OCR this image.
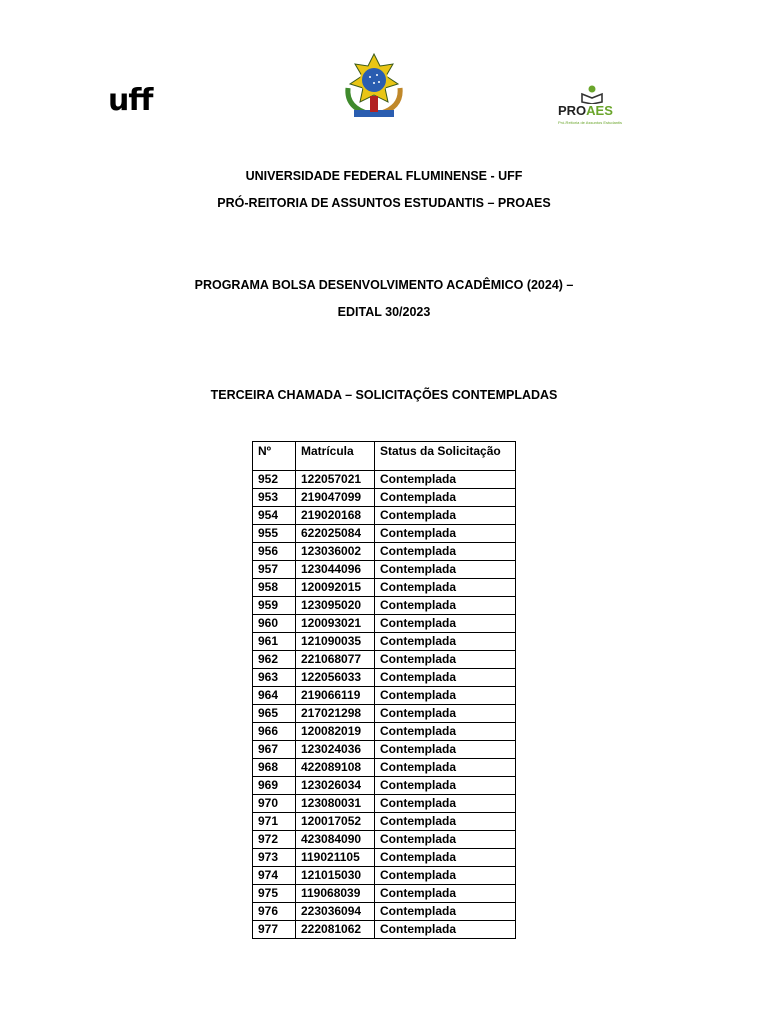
uff	PROAES
Pró-Reitoria de Assuntos Estudantis
UNIVERSIDADE FEDERAL FLUMINENSE - UFF
PRÓ-REITORIA DE ASSUNTOS ESTUDANTIS – PROAES
PROGRAMA BOLSA DESENVOLVIMENTO ACADÊMICO (2024) –
EDITAL 30/2023
TERCEIRA CHAMADA – SOLICITAÇÕES CONTEMPLADAS
Nº	Matrícula	Status da Solicitação
952	122057021	Contemplada
953	219047099	Contemplada
954	219020168	Contemplada
955	622025084	Contemplada
956	123036002	Contemplada
957	123044096	Contemplada
958	120092015	Contemplada
959	123095020	Contemplada
960	120093021	Contemplada
961	121090035	Contemplada
962	221068077	Contemplada
963	122056033	Contemplada
964	219066119	Contemplada
965	217021298	Contemplada
966	120082019	Contemplada
967	123024036	Contemplada
968	422089108	Contemplada
969	123026034	Contemplada
970	123080031	Contemplada
971	120017052	Contemplada
972	423084090	Contemplada
973	119021105	Contemplada
974	121015030	Contemplada
975	119068039	Contemplada
976	223036094	Contemplada
977	222081062	Contemplada
